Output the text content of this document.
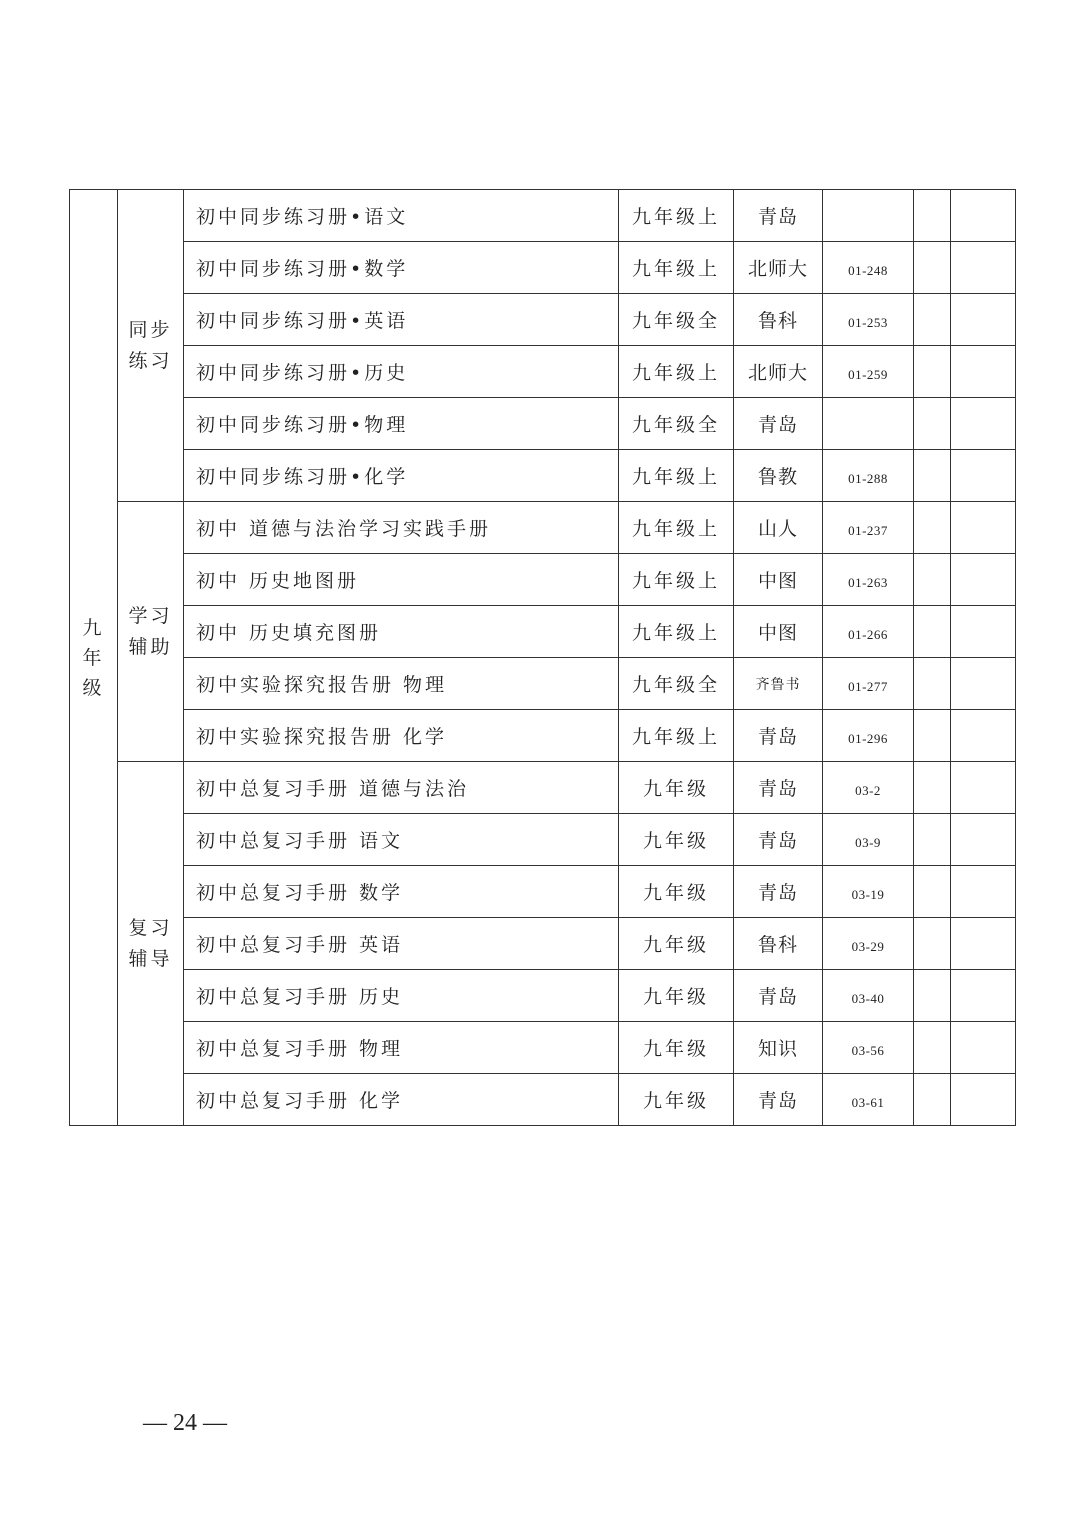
九
年
级	同步
练习	初中同步练习册•语文	九年级上	青岛			
		初中同步练习册•数学	九年级上	北师大	01-248		
		初中同步练习册•英语	九年级全	鲁科	01-253		
		初中同步练习册•历史	九年级上	北师大	01-259		
		初中同步练习册•物理	九年级全	青岛			
		初中同步练习册•化学	九年级上	鲁教	01-288		

	学习
辅助	初中 道德与法治学习实践手册	九年级上	山人	01-237		
		初中 历史地图册	九年级上	中图	01-263		
		初中 历史填充图册	九年级上	中图	01-266		
		初中实验探究报告册 物理	九年级全	齐鲁书	01-277		
		初中实验探究报告册 化学	九年级上	青岛	01-296		

	复习
辅导	初中总复习手册 道德与法治	九年级	青岛	03-2		
		初中总复习手册 语文	九年级	青岛	03-9		
		初中总复习手册 数学	九年级	青岛	03-19		
		初中总复习手册 英语	九年级	鲁科	03-29		
		初中总复习手册 历史	九年级	青岛	03-40		
		初中总复习手册 物理	九年级	知识	03-56		
		初中总复习手册 化学	九年级	青岛	03-61		
— 24 —
